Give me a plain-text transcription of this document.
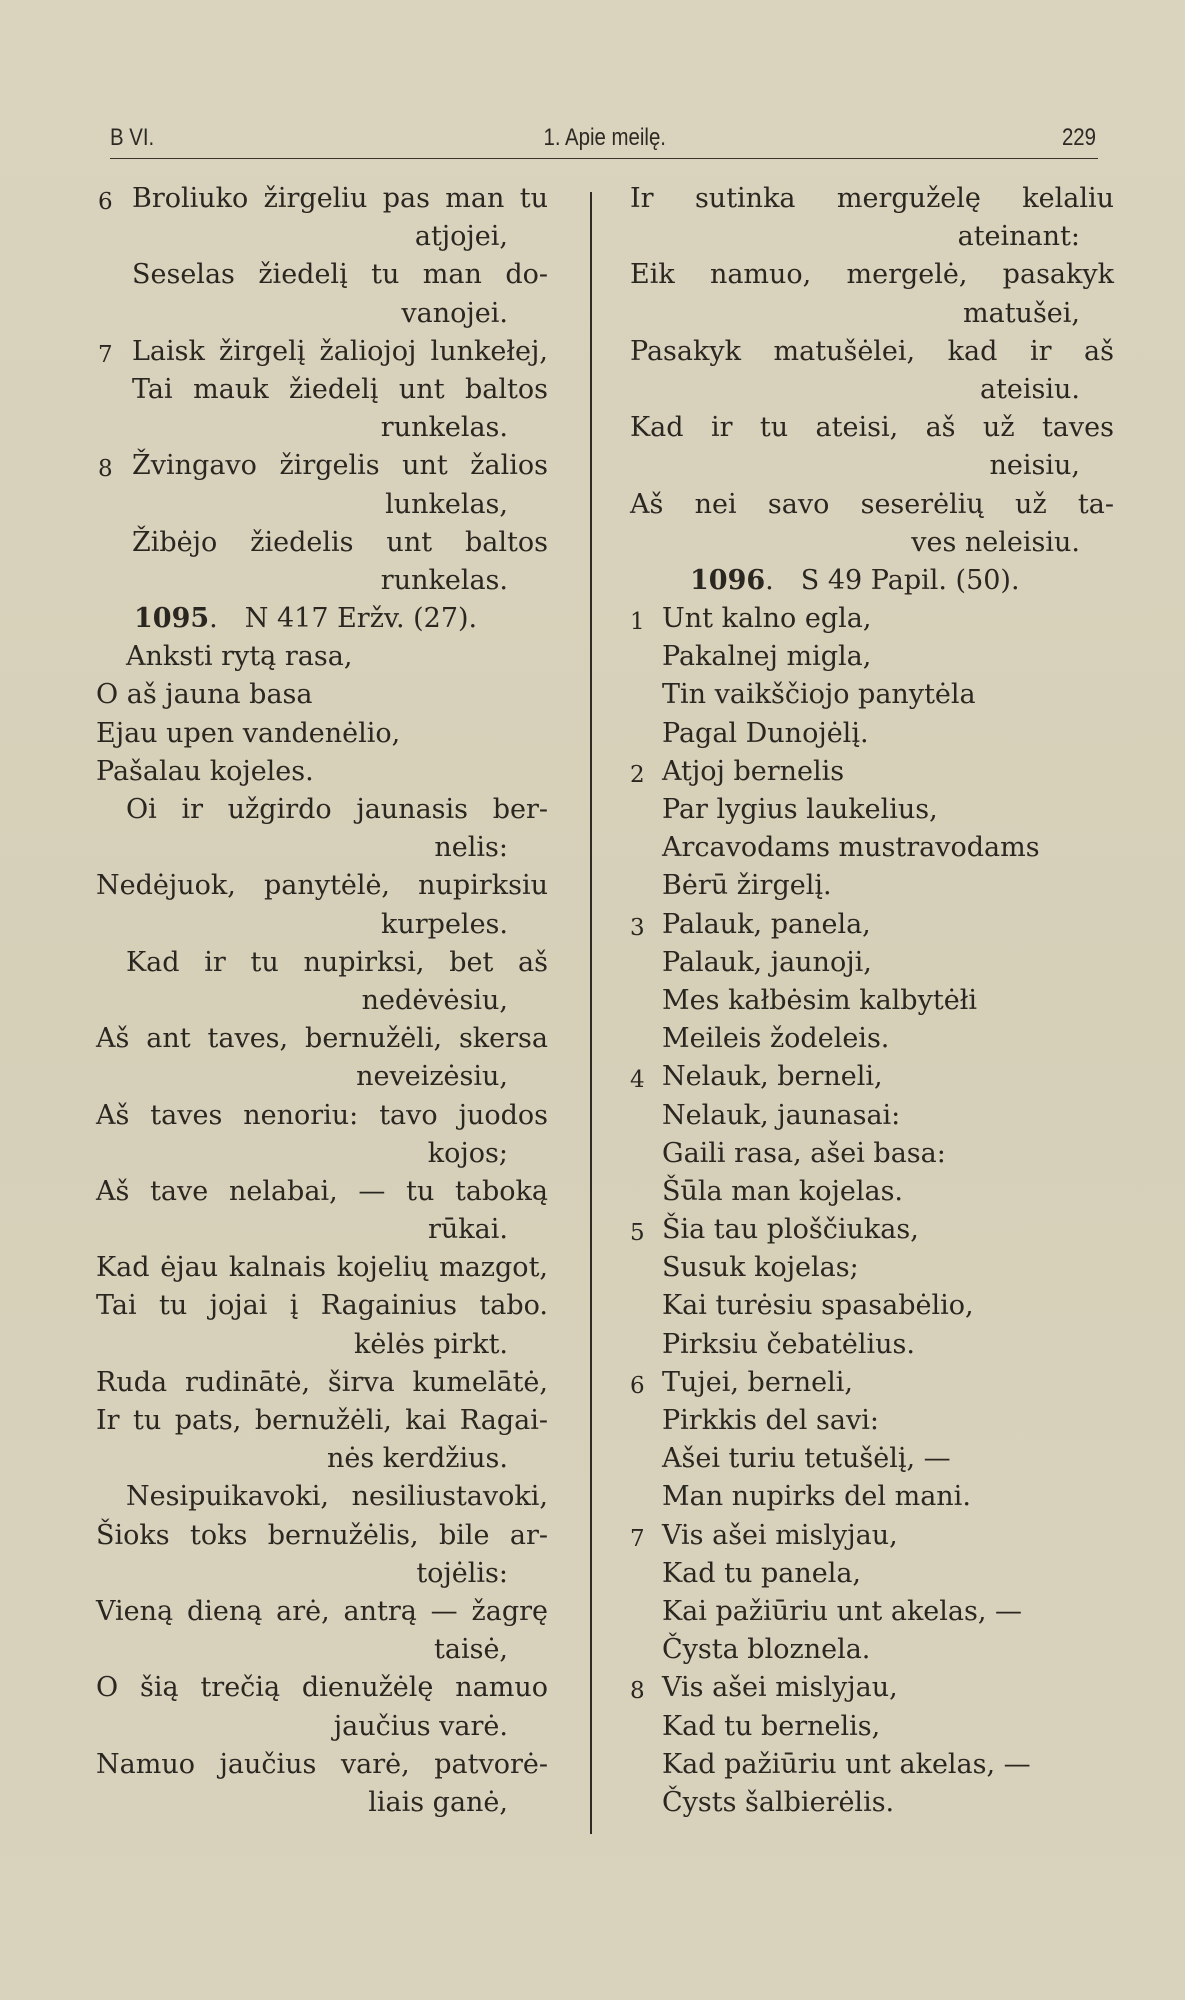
B VI.	1. Apie meilę.	229
6 Broliuko žirgeliu pas man tu
atjojei,
Seselas žiedelį tu man do-
vanojei.
7 Laisk žirgelį žaliojoj lunkełej,
Tai mauk žiedelį unt baltos
runkelas.
8 Žvingavo žirgelis unt žalios
lunkelas,
Žibėjo žiedelis unt baltos
runkelas.
1095. N 417 Eržv. (27).
Anksti rytą rasa,
O aš jauna basa
Ejau upen vandenėlio,
Pašalau kojeles.
Oi ir užgirdo jaunasis ber-
nelis:
Nedėjuok, panytėlė, nupirksiu
kurpeles.
Kad ir tu nupirksi, bet aš
nedėvėsiu,
Aš ant taves, bernužėli, skersa
neveizėsiu,
Aš taves nenoriu: tavo juodos
kojos;
Aš tave nelabai, — tu taboką
rūkai.
Kad ėjau kalnais kojelių mazgot,
Tai tu jojai į Ragainius tabo.
kėlės pirkt.
Ruda rudinātė, širva kumelātė,
Ir tu pats, bernužėli, kai Ragai-
nės kerdžius.
Nesipuikavoki, nesiliustavoki,
Šioks toks bernužėlis, bile ar-
tojėlis:
Vieną dieną arė, antrą — žagrę
taisė,
O šią trečią dienužėlę namuo
jaučius varė.
Namuo jaučius varė, patvorė-
liais ganė,
Ir sutinka merguželę kelaliu
ateinant:
Eik namuo, mergelė, pasakyk
matušei,
Pasakyk matušėlei, kad ir aš
ateisiu.
Kad ir tu ateisi, aš už taves
neisiu,
Aš nei savo seserėlių už ta-
ves neleisiu.
1096. S 49 Papil. (50).
1 Unt kalno egla,
Pakalnej migla,
Tin vaikščiojo panytėla
Pagal Dunojėlį.
2 Atjoj bernelis
Par lygius laukelius,
Arcavodams mustravodams
Bėrū žirgelį.
3 Palauk, panela,
Palauk, jaunoji,
Mes kałbėsim kalbytėłi
Meileis žodeleis.
4 Nelauk, berneli,
Nelauk, jaunasai:
Gaili rasa, ašei basa:
Šūla man kojelas.
5 Šia tau ploščiukas,
Susuk kojelas;
Kai turėsiu spasabėlio,
Pirksiu čebatėlius.
6 Tujei, berneli,
Pirkkis del savi:
Ašei turiu tetušėlį, —
Man nupirks del mani.
7 Vis ašei mislyjau,
Kad tu panela,
Kai pažiūriu unt akelas, —
Čysta bloznela.
8 Vis ašei mislyjau,
Kad tu bernelis,
Kad pažiūriu unt akelas, —
Čysts šalbierėlis.
